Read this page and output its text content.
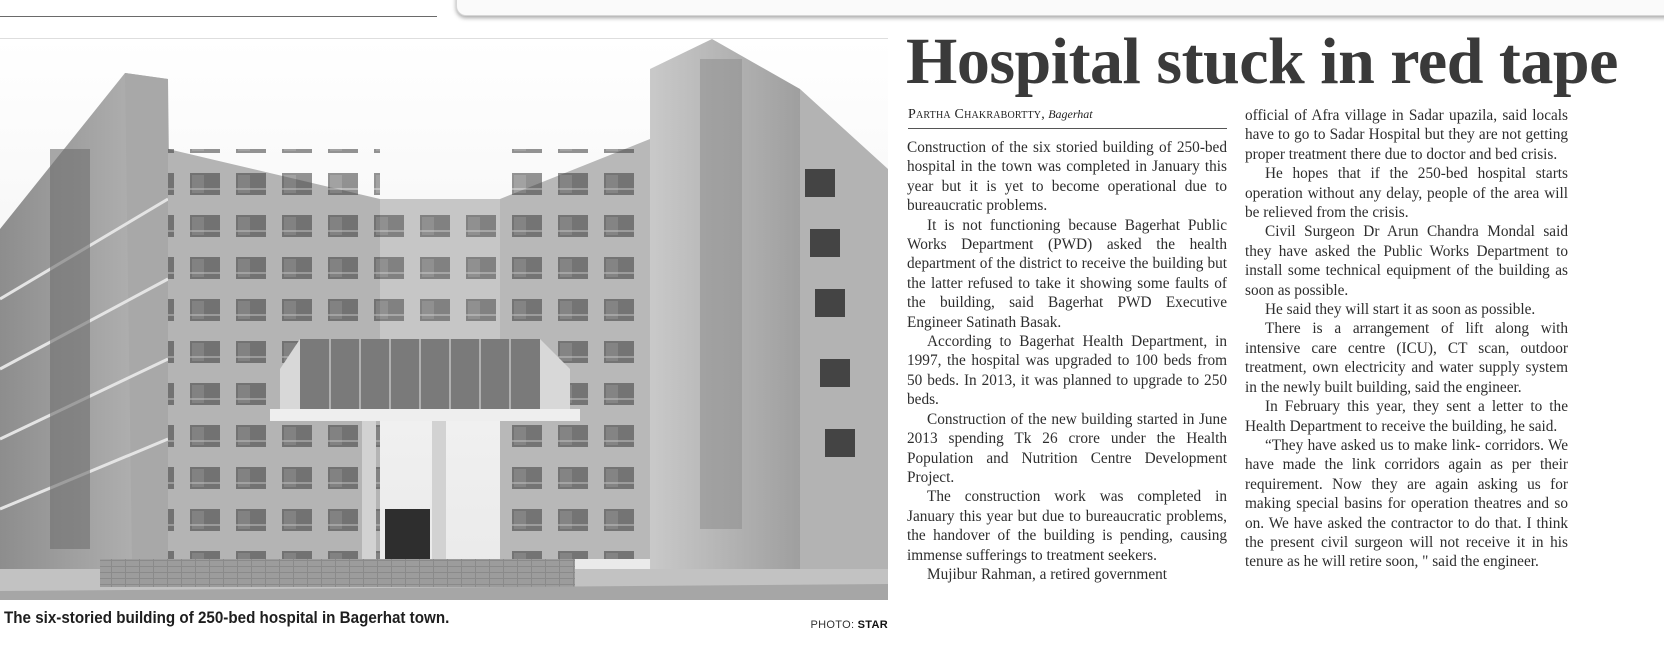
The six-storied building of 250-bed hospital in Bagerhat town.	PHOTO: STAR
Hospital stuck in red tape
Partha Chakrabortty, Bagerhat

Construction of the six storied building of 250-bed hospital in the town was completed in January this year but it is yet to become operational due to bureaucratic problems.

It is not functioning because Bagerhat Public Works Department (PWD) asked the health department of the district to receive the building but the latter refused to take it showing some faults of the building, said Bagerhat PWD Executive Engineer Satinath Basak.

According to Bagerhat Health Department, in 1997, the hospital was upgraded to 100 beds from 50 beds. In 2013, it was planned to upgrade to 250 beds.

Construction of the new building started in June 2013 spending Tk 26 crore under the Health Population and Nutrition Centre Development Project.

The construction work was completed in January this year but due to bureaucratic problems, the handover of the building is pending, causing immense sufferings to treatment seekers.

Mujibur Rahman, a retired government

official of Afra village in Sadar upazila, said locals have to go to Sadar Hospital but they are not getting proper treatment there due to doctor and bed crisis.

He hopes that if the 250-bed hospital starts operation without any delay, people of the area will be relieved from the crisis.

Civil Surgeon Dr Arun Chandra Mondal said they have asked the Public Works Department to install some technical equipment of the building as soon as possible.

He said they will start it as soon as possible.

There is a arrangement of lift along with intensive care centre (ICU), CT scan, outdoor treatment, own electricity and water supply system in the newly built building, said the engineer.

In February this year, they sent a letter to the Health Department to receive the building, he said.

“They have asked us to make link- corridors. We have made the link corridors again as per their requirement. Now they are again asking us for making special basins for operation theatres and so on. We have asked the contractor to do that. I think the present civil surgeon will not receive it in his tenure as he will retire soon, " said the engineer.
